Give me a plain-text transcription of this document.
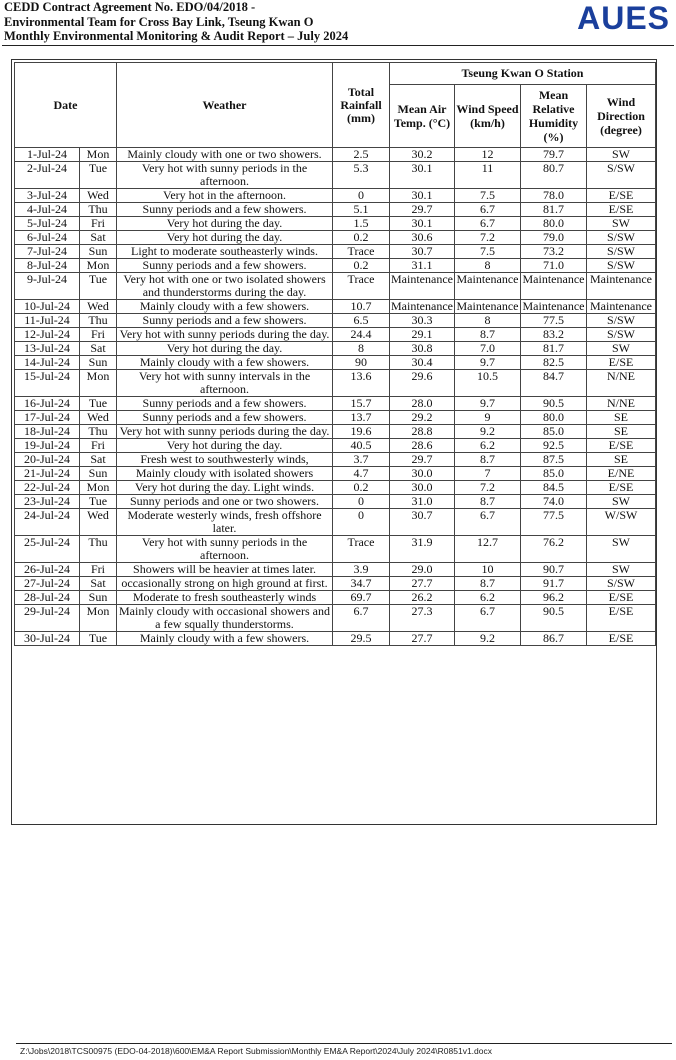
CEDD Contract Agreement No. EDO/04/2018 -
Environmental Team for Cross Bay Link, Tseung Kwan O
Monthly Environmental Monitoring & Audit Report – July 2024	AUES
Date		Weather	Total Rainfall (mm)	Tseung Kwan O Station			
				Mean Air Temp. (°C)	Wind Speed (km/h)	Mean Relative Humidity (%)	Wind Direction (degree)
1-Jul-24	Mon	Mainly cloudy with one or two showers.	2.5	30.2	12	79.7	SW
2-Jul-24	Tue	Very hot with sunny periods in the afternoon.	5.3	30.1	11	80.7	S/SW
3-Jul-24	Wed	Very hot in the afternoon.	0	30.1	7.5	78.0	E/SE
4-Jul-24	Thu	Sunny periods and a few showers.	5.1	29.7	6.7	81.7	E/SE
5-Jul-24	Fri	Very hot during the day.	1.5	30.1	6.7	80.0	SW
6-Jul-24	Sat	Very hot during the day.	0.2	30.6	7.2	79.0	S/SW
7-Jul-24	Sun	Light to moderate southeasterly winds.	Trace	30.7	7.5	73.2	S/SW
8-Jul-24	Mon	Sunny periods and a few showers.	0.2	31.1	8	71.0	S/SW
9-Jul-24	Tue	Very hot with one or two isolated showers and thunderstorms during the day.	Trace	Maintenance	Maintenance	Maintenance	Maintenance
10-Jul-24	Wed	Mainly cloudy with a few showers.	10.7	Maintenance	Maintenance	Maintenance	Maintenance
11-Jul-24	Thu	Sunny periods and a few showers.	6.5	30.3	8	77.5	S/SW
12-Jul-24	Fri	Very hot with sunny periods during the day.	24.4	29.1	8.7	83.2	S/SW
13-Jul-24	Sat	Very hot during the day.	8	30.8	7.0	81.7	SW
14-Jul-24	Sun	Mainly cloudy with a few showers.	90	30.4	9.7	82.5	E/SE
15-Jul-24	Mon	Very hot with sunny intervals in the afternoon.	13.6	29.6	10.5	84.7	N/NE
16-Jul-24	Tue	Sunny periods and a few showers.	15.7	28.0	9.7	90.5	N/NE
17-Jul-24	Wed	Sunny periods and a few showers.	13.7	29.2	9	80.0	SE
18-Jul-24	Thu	Very hot with sunny periods during the day.	19.6	28.8	9.2	85.0	SE
19-Jul-24	Fri	Very hot during the day.	40.5	28.6	6.2	92.5	E/SE
20-Jul-24	Sat	Fresh west to southwesterly winds,	3.7	29.7	8.7	87.5	SE
21-Jul-24	Sun	Mainly cloudy with isolated showers	4.7	30.0	7	85.0	E/NE
22-Jul-24	Mon	Very hot during the day. Light winds.	0.2	30.0	7.2	84.5	E/SE
23-Jul-24	Tue	Sunny periods and one or two showers.	0	31.0	8.7	74.0	SW
24-Jul-24	Wed	Moderate westerly winds, fresh offshore later.	0	30.7	6.7	77.5	W/SW
25-Jul-24	Thu	Very hot with sunny periods in the afternoon.	Trace	31.9	12.7	76.2	SW
26-Jul-24	Fri	Showers will be heavier at times later.	3.9	29.0	10	90.7	SW
27-Jul-24	Sat	occasionally strong on high ground at first.	34.7	27.7	8.7	91.7	S/SW
28-Jul-24	Sun	Moderate to fresh southeasterly winds	69.7	26.2	6.2	96.2	E/SE
29-Jul-24	Mon	Mainly cloudy with occasional showers and a few squally thunderstorms.	6.7	27.3	6.7	90.5	E/SE
30-Jul-24	Tue	Mainly cloudy with a few showers.	29.5	27.7	9.2	86.7	E/SE
Z:\Jobs\2018\TCS00975 (EDO-04-2018)\600\EM&A Report Submission\Monthly EM&A Report\2024\July 2024\R0851v1.docx
